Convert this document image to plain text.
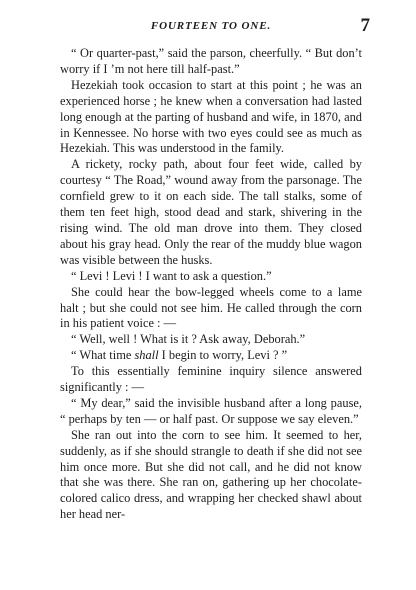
FOURTEEN TO ONE.	7

“ Or quarter-past,” said the parson, cheerfully. “ But don’t worry if I ’m not here till half-past.”

Hezekiah took occasion to start at this point ; he was an experienced horse ; he knew when a conversation had lasted long enough at the parting of husband and wife, in 1870, and in Kennessee. No horse with two eyes could see as much as Hezekiah. This was understood in the family.

A rickety, rocky path, about four feet wide, called by courtesy “ The Road,” wound away from the parsonage. The cornfield grew to it on each side. The tall stalks, some of them ten feet high, stood dead and stark, shivering in the rising wind. The old man drove into them. They closed about his gray head. Only the rear of the muddy blue wagon was visible between the husks.

“ Levi ! Levi ! I want to ask a question.”

She could hear the bow-legged wheels come to a lame halt ; but she could not see him. He called through the corn in his patient voice : —

“ Well, well ! What is it ? Ask away, Deborah.”

“ What time shall I begin to worry, Levi ? ”

To this essentially feminine inquiry silence answered significantly : —

“ My dear,” said the invisible husband after a long pause, “ perhaps by ten — or half past. Or suppose we say eleven.”

She ran out into the corn to see him. It seemed to her, suddenly, as if she should strangle to death if she did not see him once more. But she did not call, and he did not know that she was there. She ran on, gathering up her chocolate-colored calico dress, and wrapping her checked shawl about her head ner-
